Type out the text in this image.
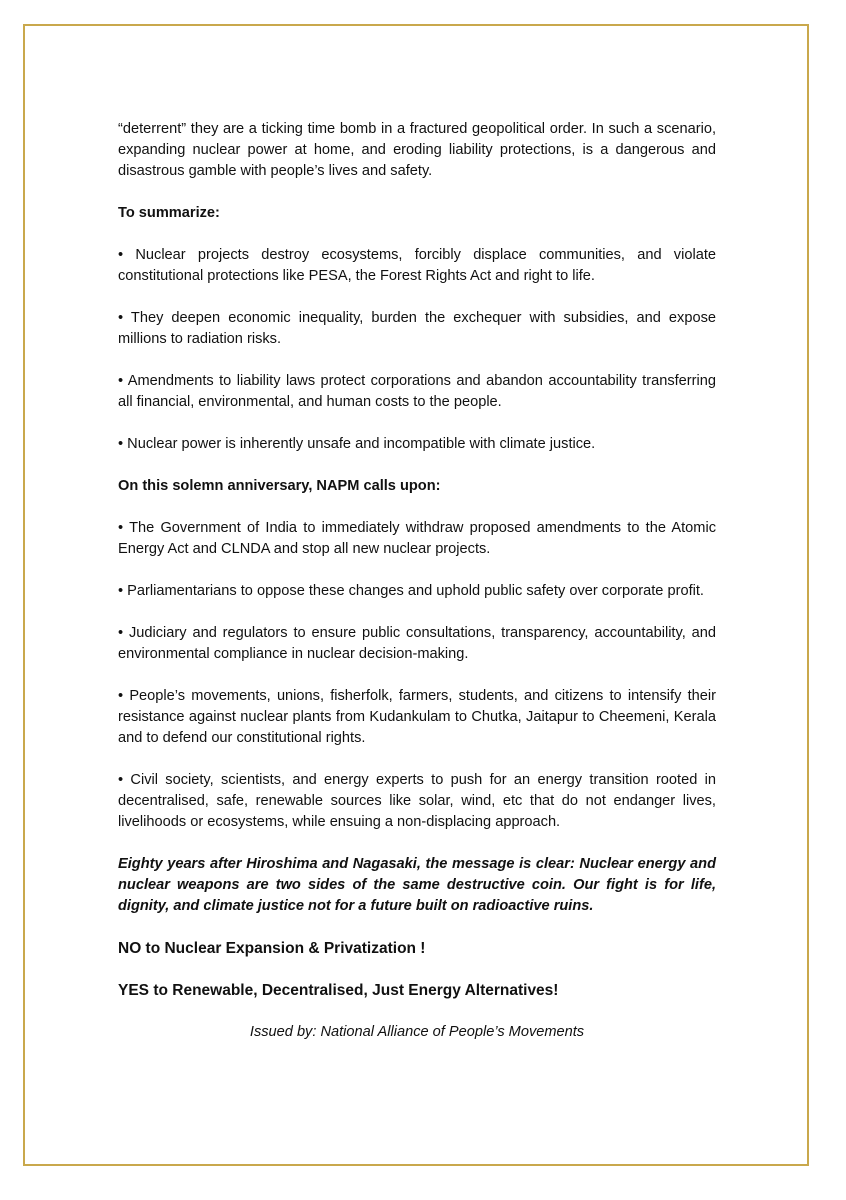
“deterrent” they are a ticking time bomb in a fractured geopolitical order. In such a scenario, expanding nuclear power at home, and eroding liability protections, is a dangerous and disastrous gamble with people’s lives and safety.

To summarize:

• Nuclear projects destroy ecosystems, forcibly displace communities, and violate constitutional protections like PESA, the Forest Rights Act and right to life.

• They deepen economic inequality, burden the exchequer with subsidies, and expose millions to radiation risks.

• Amendments to liability laws protect corporations and abandon accountability transferring all financial, environmental, and human costs to the people.

• Nuclear power is inherently unsafe and incompatible with climate justice.

On this solemn anniversary, NAPM calls upon:

• The Government of India to immediately withdraw proposed amendments to the Atomic Energy Act and CLNDA and stop all new nuclear projects.

• Parliamentarians to oppose these changes and uphold public safety over corporate profit.

• Judiciary and regulators to ensure public consultations, transparency, accountability, and environmental compliance in nuclear decision-making.

• People’s movements, unions, fisherfolk, farmers, students, and citizens to intensify their resistance against nuclear plants from Kudankulam to Chutka, Jaitapur to Cheemeni, Kerala and to defend our constitutional rights.

• Civil society, scientists, and energy experts to push for an energy transition rooted in decentralised, safe, renewable sources like solar, wind, etc that do not endanger lives, livelihoods or ecosystems, while ensuing a non-displacing approach.

Eighty years after Hiroshima and Nagasaki, the message is clear: Nuclear energy and nuclear weapons are two sides of the same destructive coin. Our fight is for life, dignity, and climate justice not for a future built on radioactive ruins.

NO to Nuclear Expansion & Privatization !

YES to Renewable, Decentralised, Just Energy Alternatives!

Issued by: National Alliance of People’s Movements
